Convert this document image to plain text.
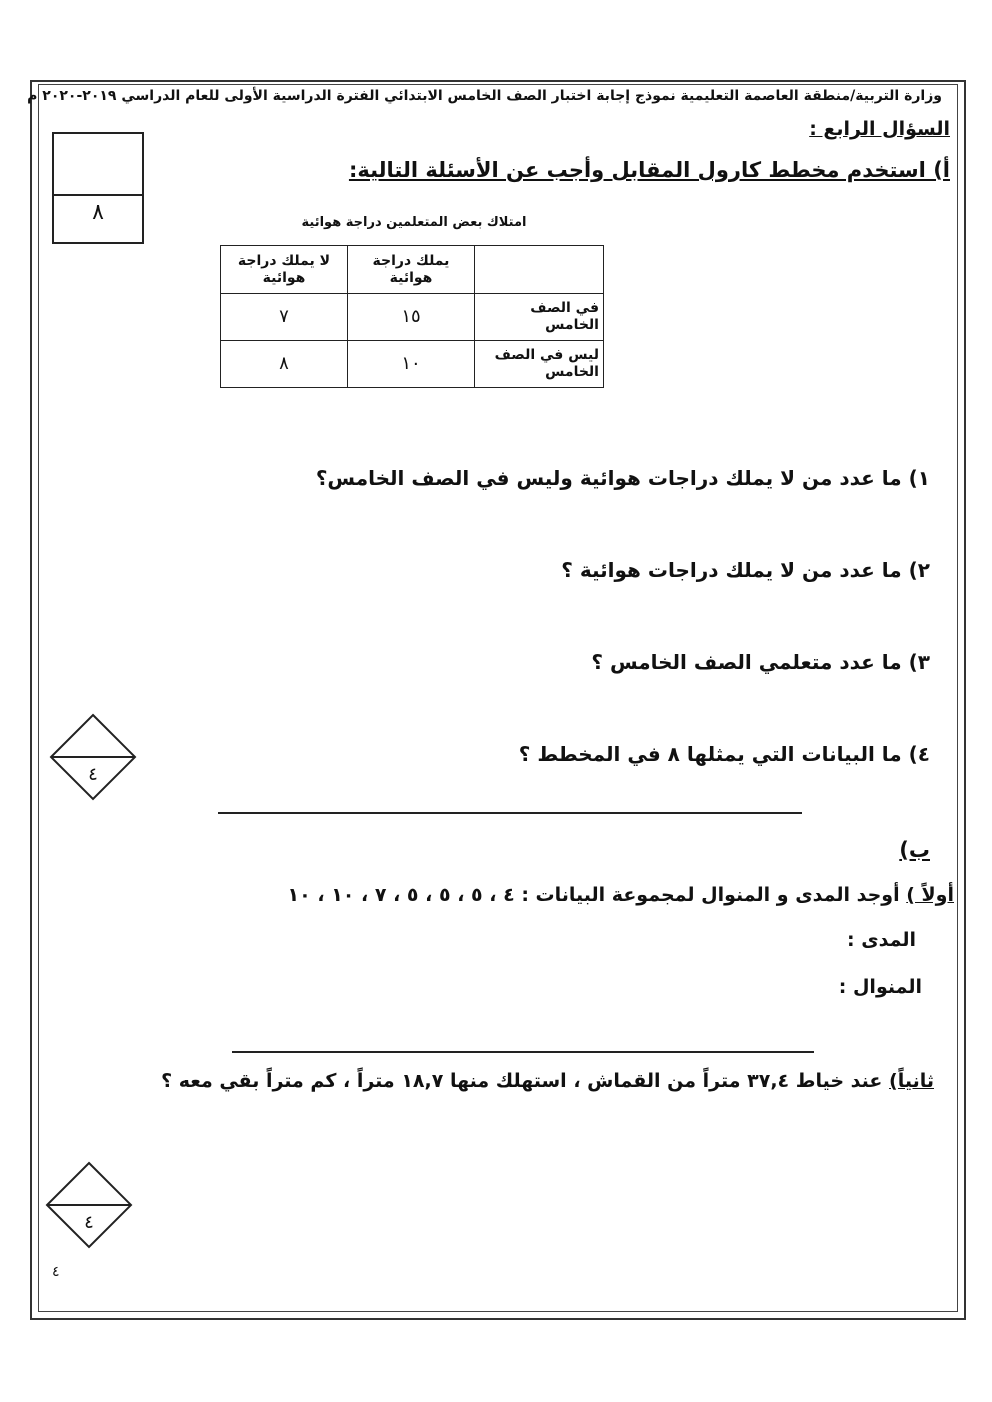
وزارة التربية/منطقة العاصمة التعليمية نموذج إجابة اختبار الصف الخامس الابتدائي الفترة الدراسية الأولى للعام الدراسي ٢٠١٩-٢٠٢٠ م
السؤال الرابع :
أ) استخدم مخطط كارول المقابل وأجب عن الأسئلة التالية:
٨	امتلاك بعض المتعلمين دراجة هوائية
	يملك دراجة هوائية	لا يملك دراجة هوائية
في الصف الخامس	١٥	٧
ليس في الصف الخامس	١٠	٨
١) ما عدد من لا يملك دراجات هوائية وليس في الصف الخامس؟
٢) ما عدد من لا يملك دراجات هوائية ؟
٣) ما عدد متعلمي الصف الخامس ؟
٤) ما البيانات التي يمثلها ٨ في المخطط ؟
٤
ب)
أولاً ) أوجد المدى و المنوال لمجموعة البيانات : ٤ ، ٥ ، ٥ ، ٥ ، ٧ ، ١٠ ، ١٠
المدى :
المنوال :
ثانياً) عند خياط ٣٧,٤ متراً من القماش ، استهلك منها ١٨,٧ متراً ، كم متراً بقي معه ؟
٤
٤
